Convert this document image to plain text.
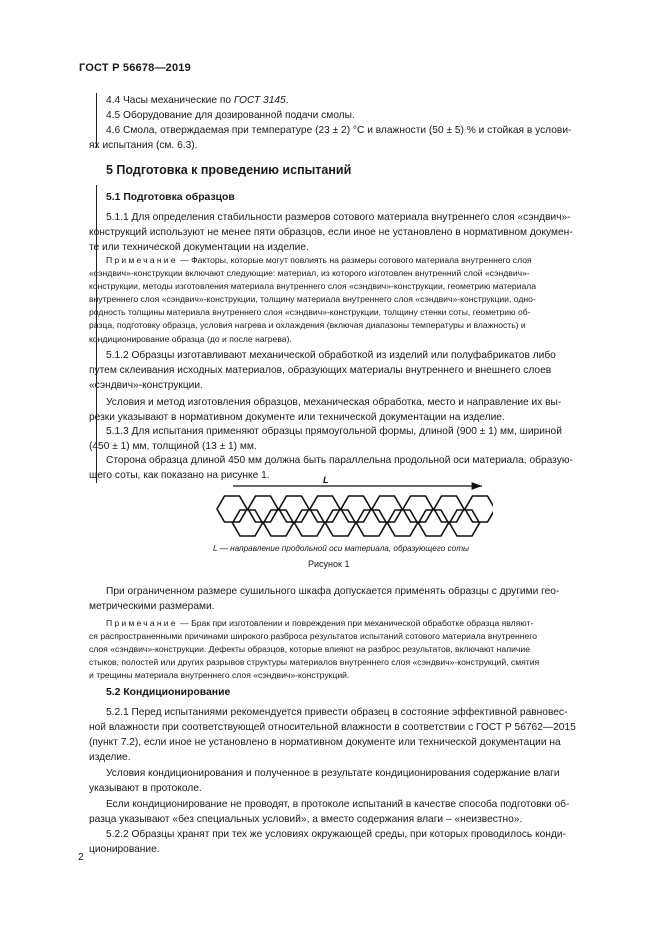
ГОСТ Р 56678—2019
4.4 Часы механические по ГОСТ 3145.
4.5 Оборудование для дозированной подачи смолы.
4.6 Смола, отверждаемая при температуре (23 ± 2) °C и влажности (50 ± 5) % и стойкая в услови-
ях испытания (см. 6.3).
5 Подготовка к проведению испытаний
5.1 Подготовка образцов
5.1.1 Для определения стабильности размеров сотового материала внутреннего слоя «сэндвич»-
конструкций используют не менее пяти образцов, если иное не установлено в нормативном докумен-
те или технической документации на изделие.
Примечание — Факторы, которые могут повлиять на размеры сотового материала внутреннего слоя
«сэндвич»-конструкции включают следующие: материал, из которого изготовлен внутренний слой «сэндвич»-
конструкции, методы изготовления материала внутреннего слоя «сэндвич»-конструкции, геометрию материала
внутреннего слоя «сэндвич»-конструкции, толщину материала внутреннего слоя «сэндвич»-конструкции, одно-
родность толщины материала внутреннего слоя «сэндвич»-конструкции, толщину стенки соты, геометрию об-
разца, подготовку образца, условия нагрева и охлаждения (включая диапазоны температуры и влажность) и
кондиционирование образца (до и после нагрева).
5.1.2 Образцы изготавливают механической обработкой из изделий или полуфабрикатов либо
путем склеивания исходных материалов, образующих материалы внутреннего и внешнего слоев
«сэндвич»-конструкции.
Условия и метод изготовления образцов, механическая обработка, место и направление их вы-
резки указывают в нормативном документе или технической документации на изделие.
5.1.3 Для испытания применяют образцы прямоугольной формы, длиной (900 ± 1) мм, шириной
(450 ± 1) мм, толщиной (13 ± 1) мм.
Сторона образца длиной 450 мм должна быть параллельна продольной оси материала, образую-
щего соты, как показано на рисунке 1.	L
L — направление продольной оси материала, образующего соты
Рисунок 1
При ограниченном размере сушильного шкафа допускается применять образцы с другими гео-
метрическими размерами.
Примечание — Брак при изготовлении и повреждения при механической обработке образца являют-
ся распространенными причинами широкого разброса результатов испытаний сотового материала внутреннего
слоя «сэндвич»-конструкции. Дефекты образцов, которые влияют на разброс результатов, включают наличие
стыков, полостей или других разрывов структуры материалов внутреннего слоя «сэндвич»-конструкций, смятия
и трещины материала внутреннего слоя «сэндвич»-конструкций.
5.2 Кондиционирование
5.2.1 Перед испытаниями рекомендуется привести образец в состояние эффективной равновес-
ной влажности при соответствующей относительной влажности в соответствии с ГОСТ Р 56762—2015
(пункт 7.2), если иное не установлено в нормативном документе или технической документации на
изделие.
Условия кондиционирования и полученное в результате кондиционирования содержание влаги
указывают в протоколе.
Если кондиционирование не проводят, в протоколе испытаний в качестве способа подготовки об-
разца указывают «без специальных условий», а вместо содержания влаги – «неизвестно».
5.2.2 Образцы хранят при тех же условиях окружающей среды, при которых проводилось конди-
ционирование.
2
